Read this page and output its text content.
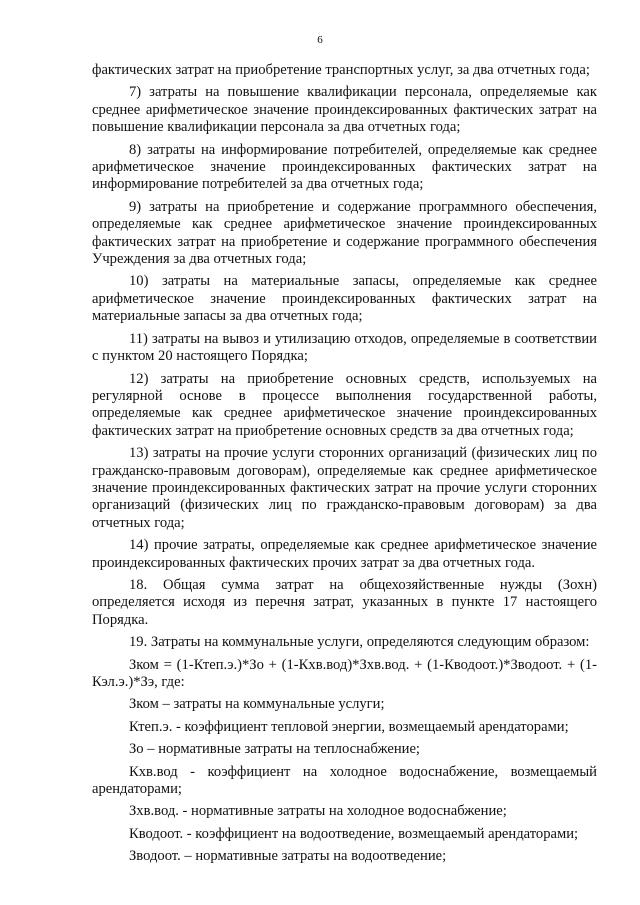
6

фактических затрат на приобретение транспортных услуг, за два отчетных года;

7) затраты на повышение квалификации персонала, определяемые как среднее арифметическое значение проиндексированных фактических затрат на повышение квалификации персонала за два отчетных года;

8) затраты на информирование потребителей, определяемые как среднее арифметическое значение проиндексированных фактических затрат на информирование потребителей за два отчетных года;

9) затраты на приобретение и содержание программного обеспечения, определяемые как среднее арифметическое значение проиндексированных фактических затрат на приобретение и содержание программного обеспечения Учреждения за два отчетных года;

10) затраты на материальные запасы, определяемые как среднее арифметическое значение проиндексированных фактических затрат на материальные запасы за два отчетных года;

11) затраты на вывоз и утилизацию отходов, определяемые в соответствии с пунктом 20 настоящего Порядка;

12) затраты на приобретение основных средств, используемых на регулярной основе в процессе выполнения государственной работы, определяемые как среднее арифметическое значение проиндексированных фактических затрат на приобретение основных средств за два отчетных года;

13) затраты на прочие услуги сторонних организаций (физических лиц по гражданско-правовым договорам), определяемые как среднее арифметическое значение проиндексированных фактических затрат на прочие услуги сторонних организаций (физических лиц по гражданско-правовым договорам) за два отчетных года;

14) прочие затраты, определяемые как среднее арифметическое значение проиндексированных фактических прочих затрат за два отчетных года.

18. Общая сумма затрат на общехозяйственные нужды (Зохн) определяется исходя из перечня затрат, указанных в пункте 17 настоящего Порядка.

19. Затраты на коммунальные услуги, определяются следующим образом:

Зком = (1-Ктеп.э.)*Зо + (1-Кхв.вод)*Зхв.вод. + (1-Кводоот.)*Зводоот. + (1-Кэл.э.)*Зэ, где:

Зком – затраты на коммунальные услуги;

Ктеп.э. - коэффициент тепловой энергии, возмещаемый арендаторами;

Зо – нормативные затраты на теплоснабжение;

Кхв.вод - коэффициент на холодное водоснабжение, возмещаемый арендаторами;

Зхв.вод. - нормативные затраты на холодное водоснабжение;

Кводоот. - коэффициент на водоотведение, возмещаемый арендаторами;

Зводоот. – нормативные затраты на водоотведение;
